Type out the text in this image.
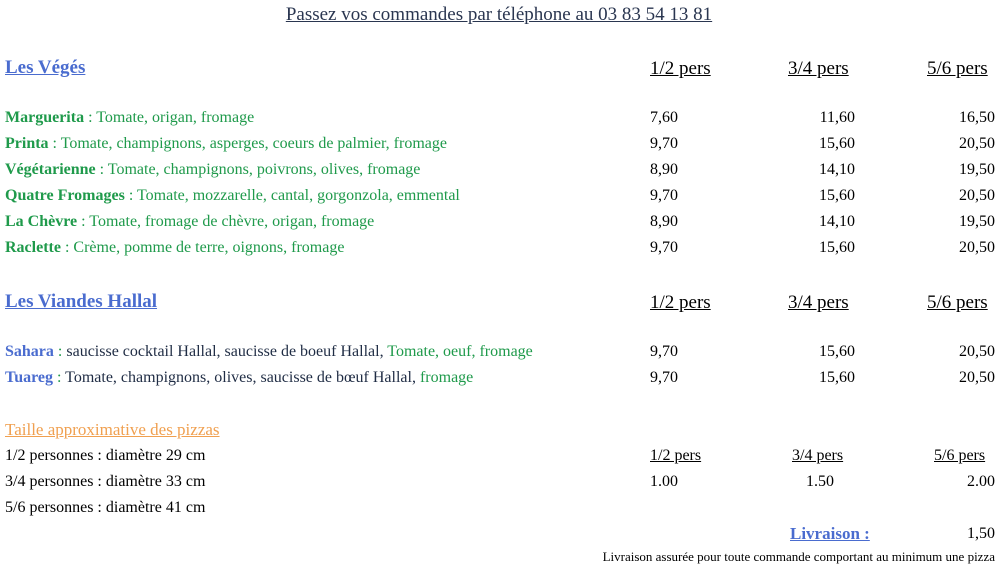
Passez vos commandes par téléphone au 03 83 54 13 81
Les Végés	1/2 pers	3/4 pers	5/6 pers
Marguerita : Tomate, origan, fromage	7,60	11,60	16,50
Printa : Tomate, champignons, asperges, coeurs de palmier, fromage	9,70	15,60	20,50
Végétarienne : Tomate, champignons, poivrons, olives, fromage	8,90	14,10	19,50
Quatre Fromages : Tomate, mozzarelle, cantal, gorgonzola, emmental	9,70	15,60	20,50
La Chèvre : Tomate, fromage de chèvre, origan, fromage	8,90	14,10	19,50
Raclette : Crème, pomme de terre, oignons, fromage	9,70	15,60	20,50
Les Viandes Hallal	1/2 pers	3/4 pers	5/6 pers
Sahara : saucisse cocktail Hallal, saucisse de boeuf Hallal, Tomate, oeuf, fromage	9,70	15,60	20,50
Tuareg : Tomate, champignons, olives, saucisse de bœuf Hallal, fromage	9,70	15,60	20,50
Taille approximative des pizzas
1/2 personnes : diamètre 29 cm
3/4 personnes : diamètre 33 cm
5/6 personnes : diamètre 41 cm
1/2 pers	3/4 pers	5/6 pers
1.00	1.50	2.00
Livraison :	1,50
Livraison assurée pour toute commande comportant au minimum une pizza
